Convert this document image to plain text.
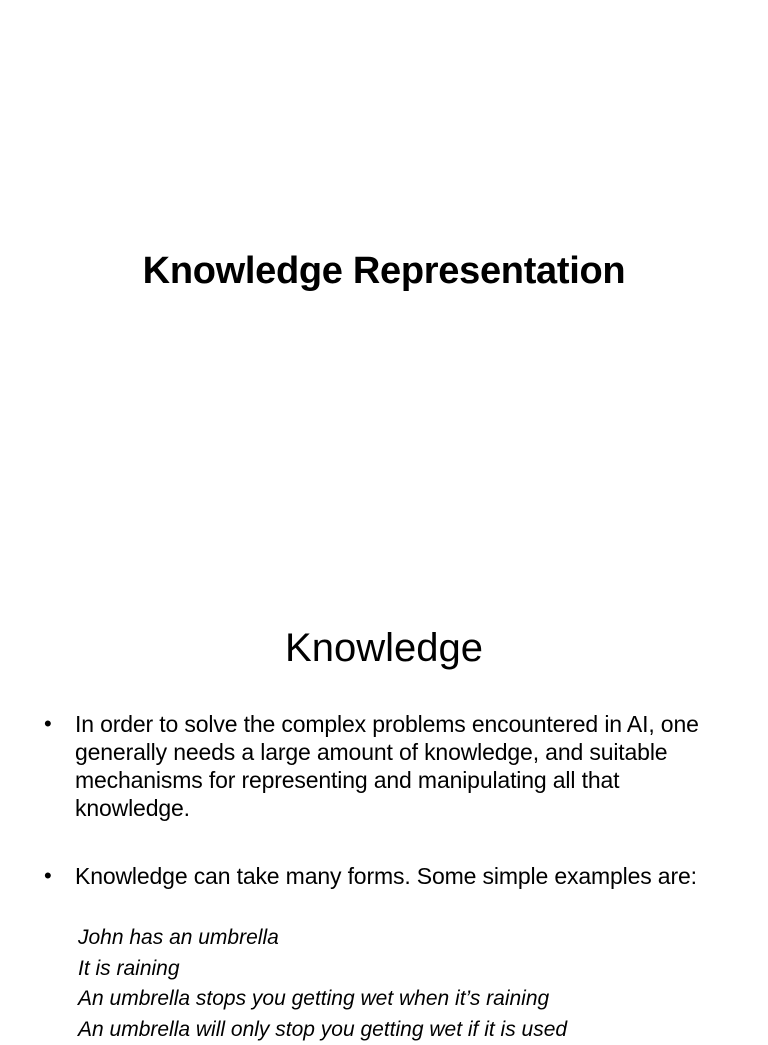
Knowledge Representation
Knowledge
•	In order to solve the complex problems encountered in AI, one generally needs a large amount of knowledge, and suitable mechanisms for representing and manipulating all that knowledge.
•	Knowledge can take many forms. Some simple examples are:
John has an umbrella
It is raining
An umbrella stops you getting wet when it’s raining
An umbrella will only stop you getting wet if it is used
